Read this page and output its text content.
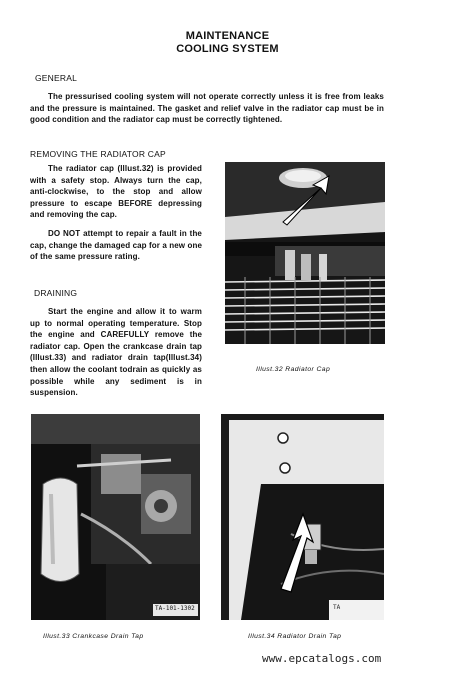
MAINTENANCE
COOLING SYSTEM
GENERAL
The pressurised cooling system will not operate correctly unless it is free from leaks and the pressure is maintained. The gasket and relief valve in the radiator cap must be in good condition and the radiator cap must be correctly tightened.
REMOVING THE RADIATOR CAP
The radiator cap (Illust.32) is provided with a safety stop. Always turn the cap, anti-clockwise, to the stop and allow pressure to escape BEFORE depressing and removing the cap.
DO NOT attempt to repair a fault in the cap, change the damaged cap for a new one of the same pressure rating.
DRAINING
Start the engine and allow it to warm up to normal operating temperature. Stop the engine and CAREFULLY remove the radiator cap. Open the crankcase drain tap (Illust.33) and radiator drain tap(Illust.34) then allow the coolant todrain as quickly as possible while any sediment is in suspension.
Illust.32 Radiator Cap
TA-101-1302
Illust.33 Crankcase Drain Tap
TA
Illust.34 Radiator Drain Tap
www.epcatalogs.com
